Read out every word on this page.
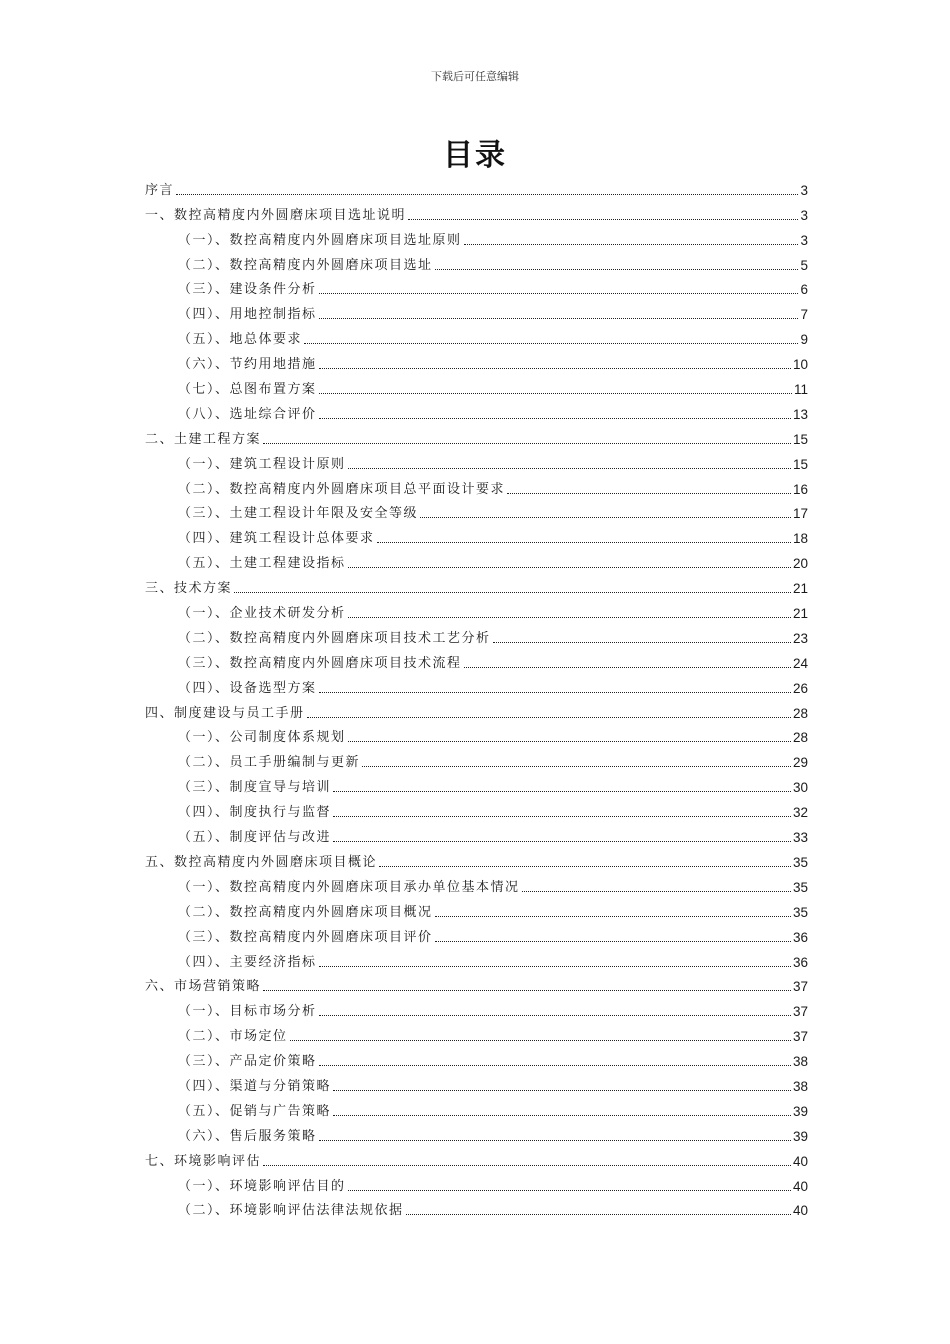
下载后可任意编辑
目录
序言	3
一、数控高精度内外圆磨床项目选址说明	3
（一）、数控高精度内外圆磨床项目选址原则	3
（二）、数控高精度内外圆磨床项目选址	5
（三）、建设条件分析	6
（四）、用地控制指标	7
（五）、地总体要求	9
（六）、节约用地措施	10
（七）、总图布置方案	11
（八）、选址综合评价	13
二、土建工程方案	15
（一）、建筑工程设计原则	15
（二）、数控高精度内外圆磨床项目总平面设计要求	16
（三）、土建工程设计年限及安全等级	17
（四）、建筑工程设计总体要求	18
（五）、土建工程建设指标	20
三、技术方案	21
（一）、企业技术研发分析	21
（二）、数控高精度内外圆磨床项目技术工艺分析	23
（三）、数控高精度内外圆磨床项目技术流程	24
（四）、设备选型方案	26
四、制度建设与员工手册	28
（一）、公司制度体系规划	28
（二）、员工手册编制与更新	29
（三）、制度宣导与培训	30
（四）、制度执行与监督	32
（五）、制度评估与改进	33
五、数控高精度内外圆磨床项目概论	35
（一）、数控高精度内外圆磨床项目承办单位基本情况	35
（二）、数控高精度内外圆磨床项目概况	35
（三）、数控高精度内外圆磨床项目评价	36
（四）、主要经济指标	36
六、市场营销策略	37
（一）、目标市场分析	37
（二）、市场定位	37
（三）、产品定价策略	38
（四）、渠道与分销策略	38
（五）、促销与广告策略	39
（六）、售后服务策略	39
七、环境影响评估	40
（一）、环境影响评估目的	40
（二）、环境影响评估法律法规依据	40
